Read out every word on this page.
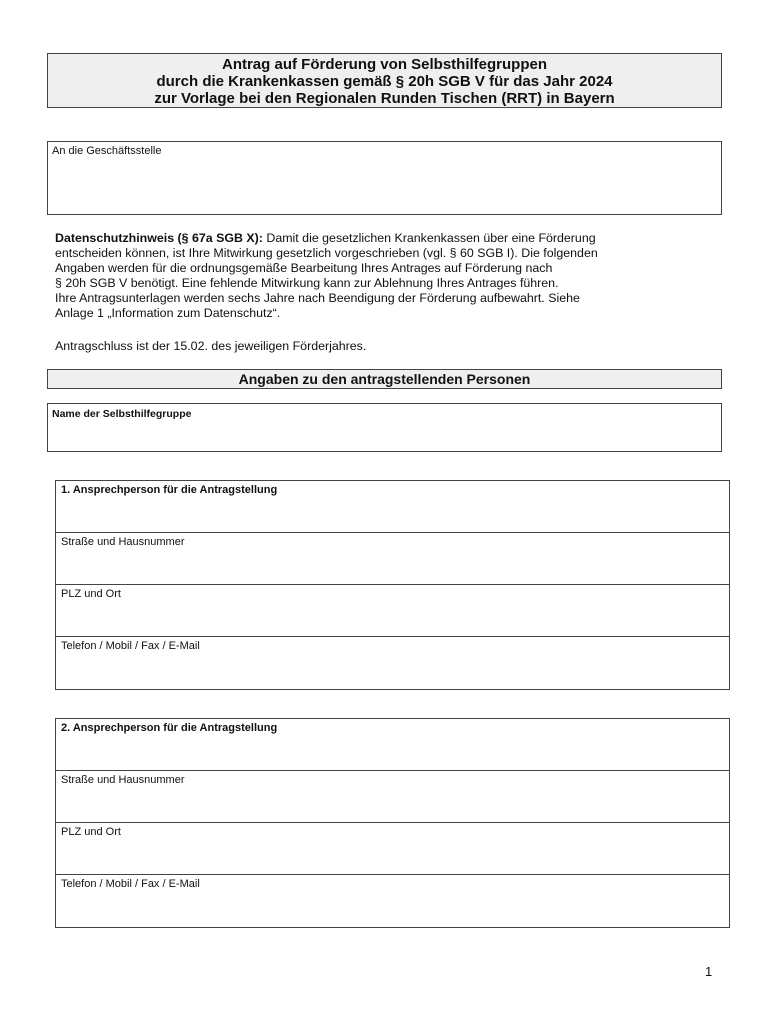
Antrag auf Förderung von Selbsthilfegruppen
durch die Krankenkassen gemäß § 20h SGB V für das Jahr 2024
zur Vorlage bei den Regionalen Runden Tischen (RRT) in Bayern
An die Geschäftsstelle
Datenschutzhinweis (§ 67a SGB X): Damit die gesetzlichen Krankenkassen über eine Förderung
entscheiden können, ist Ihre Mitwirkung gesetzlich vorgeschrieben (vgl. § 60 SGB I). Die folgenden
Angaben werden für die ordnungsgemäße Bearbeitung Ihres Antrages auf Förderung nach
§ 20h SGB V benötigt. Eine fehlende Mitwirkung kann zur Ablehnung Ihres Antrages führen.
Ihre Antragsunterlagen werden sechs Jahre nach Beendigung der Förderung aufbewahrt. Siehe
Anlage 1 „Information zum Datenschutz“.
Antragschluss ist der 15.02. des jeweiligen Förderjahres.
Angaben zu den antragstellenden Personen
Name der Selbsthilfegruppe
1. Ansprechperson für die Antragstellung
Straße und Hausnummer
PLZ und Ort
Telefon / Mobil / Fax / E-Mail
2. Ansprechperson für die Antragstellung
Straße und Hausnummer
PLZ und Ort
Telefon / Mobil / Fax / E-Mail
1
